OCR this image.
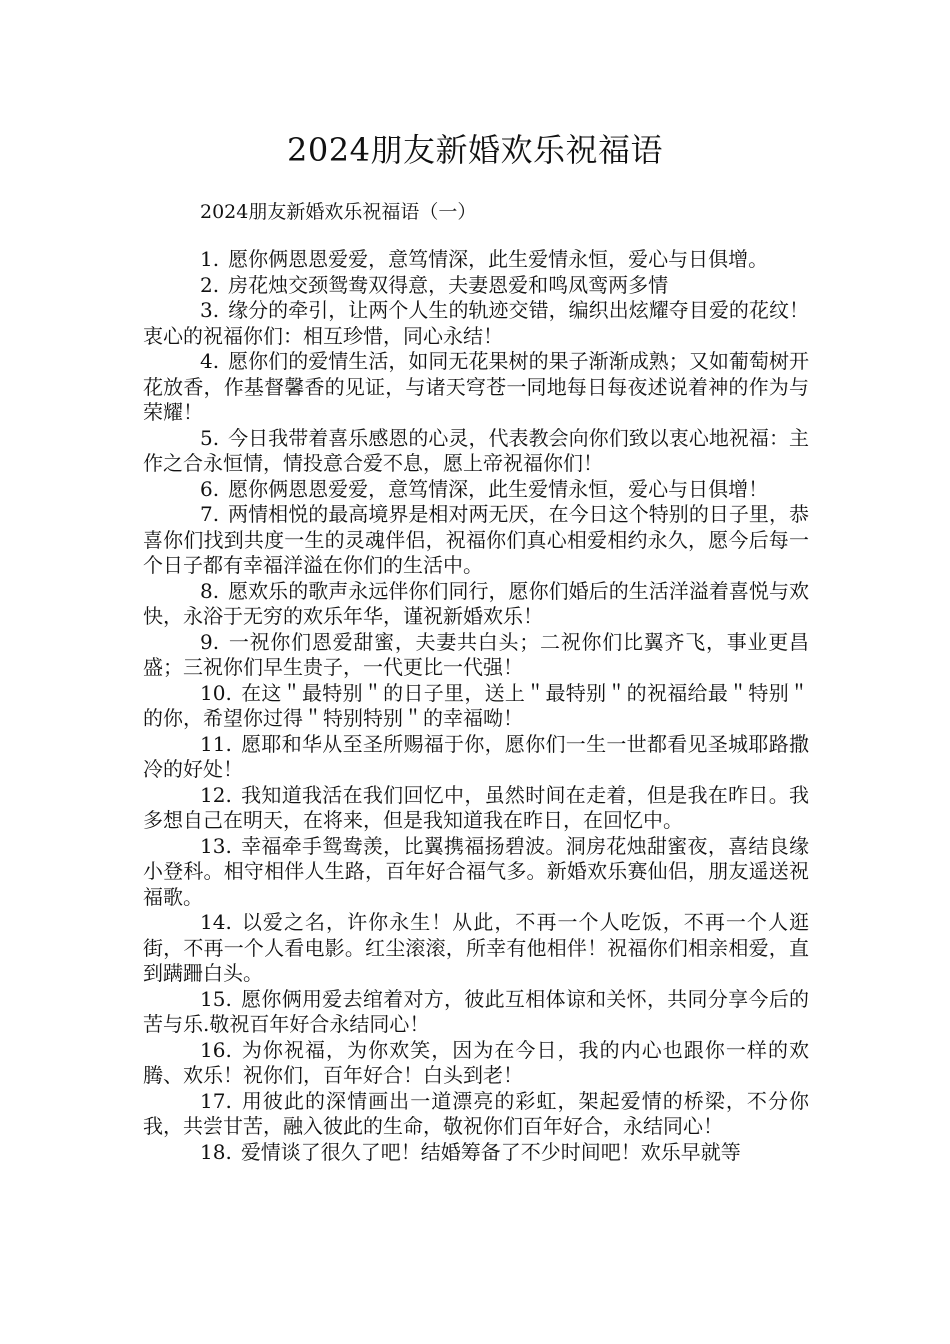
2024朋友新婚欢乐祝福语
2024朋友新婚欢乐祝福语（一）
1. 愿你俩恩恩爱爱，意笃情深，此生爱情永恒，爱心与日俱增。
2. 房花烛交颈鸳鸯双得意，夫妻恩爱和鸣凤鸾两多情
3. 缘分的牵引，让两个人生的轨迹交错，编织出炫耀夺目爱的花纹！衷心的祝福你们：相互珍惜，同心永结！
4. 愿你们的爱情生活，如同无花果树的果子渐渐成熟；又如葡萄树开花放香，作基督馨香的见证，与诸天穹苍一同地每日每夜述说着神的作为与荣耀！
5. 今日我带着喜乐感恩的心灵，代表教会向你们致以衷心地祝福：主作之合永恒情，情投意合爱不息，愿上帝祝福你们！
6. 愿你俩恩恩爱爱，意笃情深，此生爱情永恒，爱心与日俱增！
7. 两情相悦的最高境界是相对两无厌，在今日这个特别的日子里，恭喜你们找到共度一生的灵魂伴侣，祝福你们真心相爱相约永久，愿今后每一个日子都有幸福洋溢在你们的生活中。
8. 愿欢乐的歌声永远伴你们同行，愿你们婚后的生活洋溢着喜悦与欢快，永浴于无穷的欢乐年华，谨祝新婚欢乐！
9. 一祝你们恩爱甜蜜，夫妻共白头；二祝你们比翼齐飞，事业更昌盛；三祝你们早生贵子，一代更比一代强！
10. 在这＂最特别＂的日子里，送上＂最特别＂的祝福给最＂特别＂的你，希望你过得＂特别特别＂的幸福呦！
11. 愿耶和华从至圣所赐福于你，愿你们一生一世都看见圣城耶路撒冷的好处！
12. 我知道我活在我们回忆中，虽然时间在走着，但是我在昨日。我多想自己在明天，在将来，但是我知道我在昨日，在回忆中。
13. 幸福牵手鸳鸯羡，比翼携福扬碧波。洞房花烛甜蜜夜，喜结良缘小登科。相守相伴人生路，百年好合福气多。新婚欢乐赛仙侣，朋友遥送祝福歌。
14. 以爱之名，许你永生！从此，不再一个人吃饭，不再一个人逛街，不再一个人看电影。红尘滚滚，所幸有他相伴！祝福你们相亲相爱，直到蹒跚白头。
15. 愿你俩用爱去绾着对方，彼此互相体谅和关怀，共同分享今后的苦与乐.敬祝百年好合永结同心！
16. 为你祝福，为你欢笑，因为在今日，我的内心也跟你一样的欢腾、欢乐！祝你们，百年好合！白头到老！
17. 用彼此的深情画出一道漂亮的彩虹，架起爱情的桥梁，不分你我，共尝甘苦，融入彼此的生命，敬祝你们百年好合，永结同心！
18. 爱情谈了很久了吧！结婚筹备了不少时间吧！欢乐早就等
